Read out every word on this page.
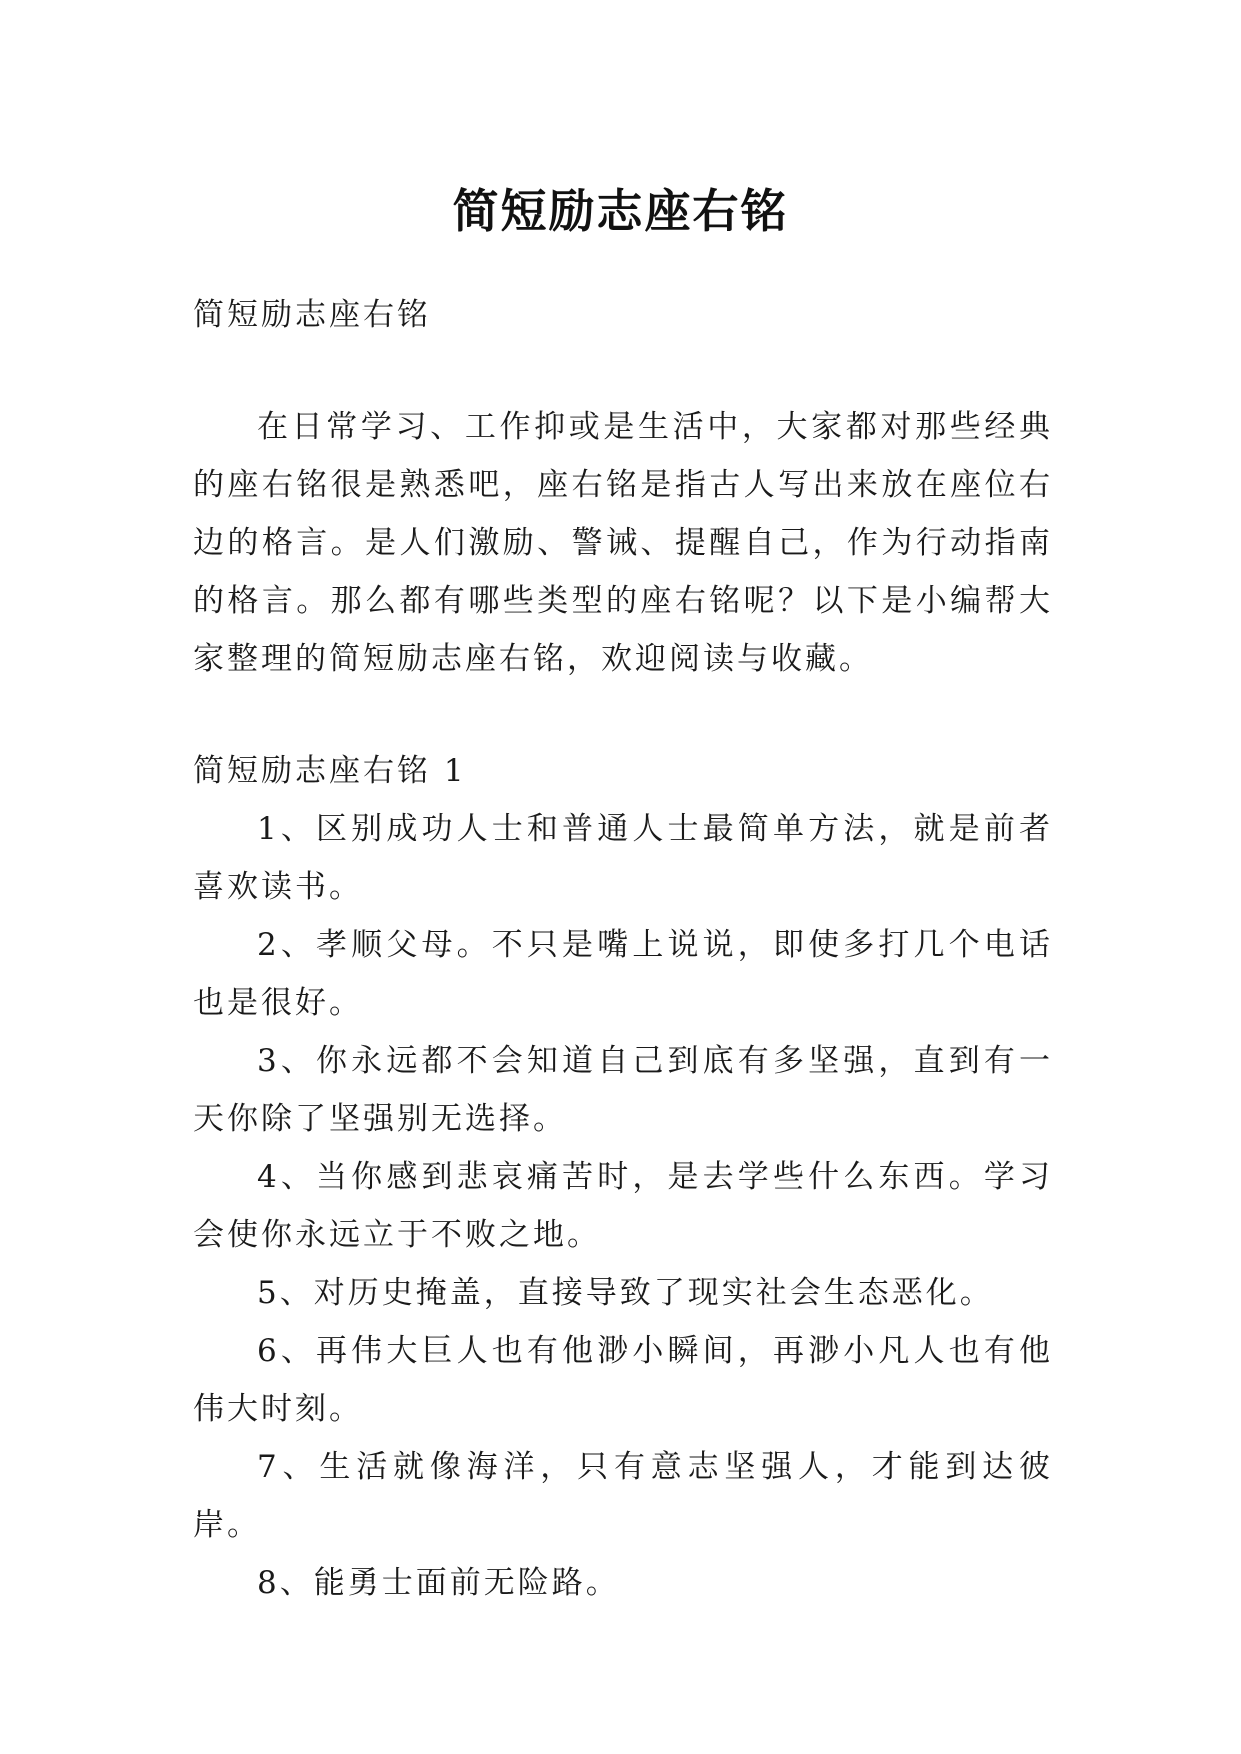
简短励志座右铭

简短励志座右铭

在日常学习、工作抑或是生活中，大家都对那些经典的座右铭很是熟悉吧，座右铭是指古人写出来放在座位右边的格言。是人们激励、警诫、提醒自己，作为行动指南的格言。那么都有哪些类型的座右铭呢？以下是小编帮大家整理的简短励志座右铭，欢迎阅读与收藏。

简短励志座右铭 1

1、区别成功人士和普通人士最简单方法，就是前者喜欢读书。
2、孝顺父母。不只是嘴上说说，即使多打几个电话也是很好。
3、你永远都不会知道自己到底有多坚强，直到有一天你除了坚强别无选择。
4、当你感到悲哀痛苦时，是去学些什么东西。学习会使你永远立于不败之地。
5、对历史掩盖，直接导致了现实社会生态恶化。
6、再伟大巨人也有他渺小瞬间，再渺小凡人也有他伟大时刻。
7、生活就像海洋，只有意志坚强人，才能到达彼岸。
8、能勇士面前无险路。
